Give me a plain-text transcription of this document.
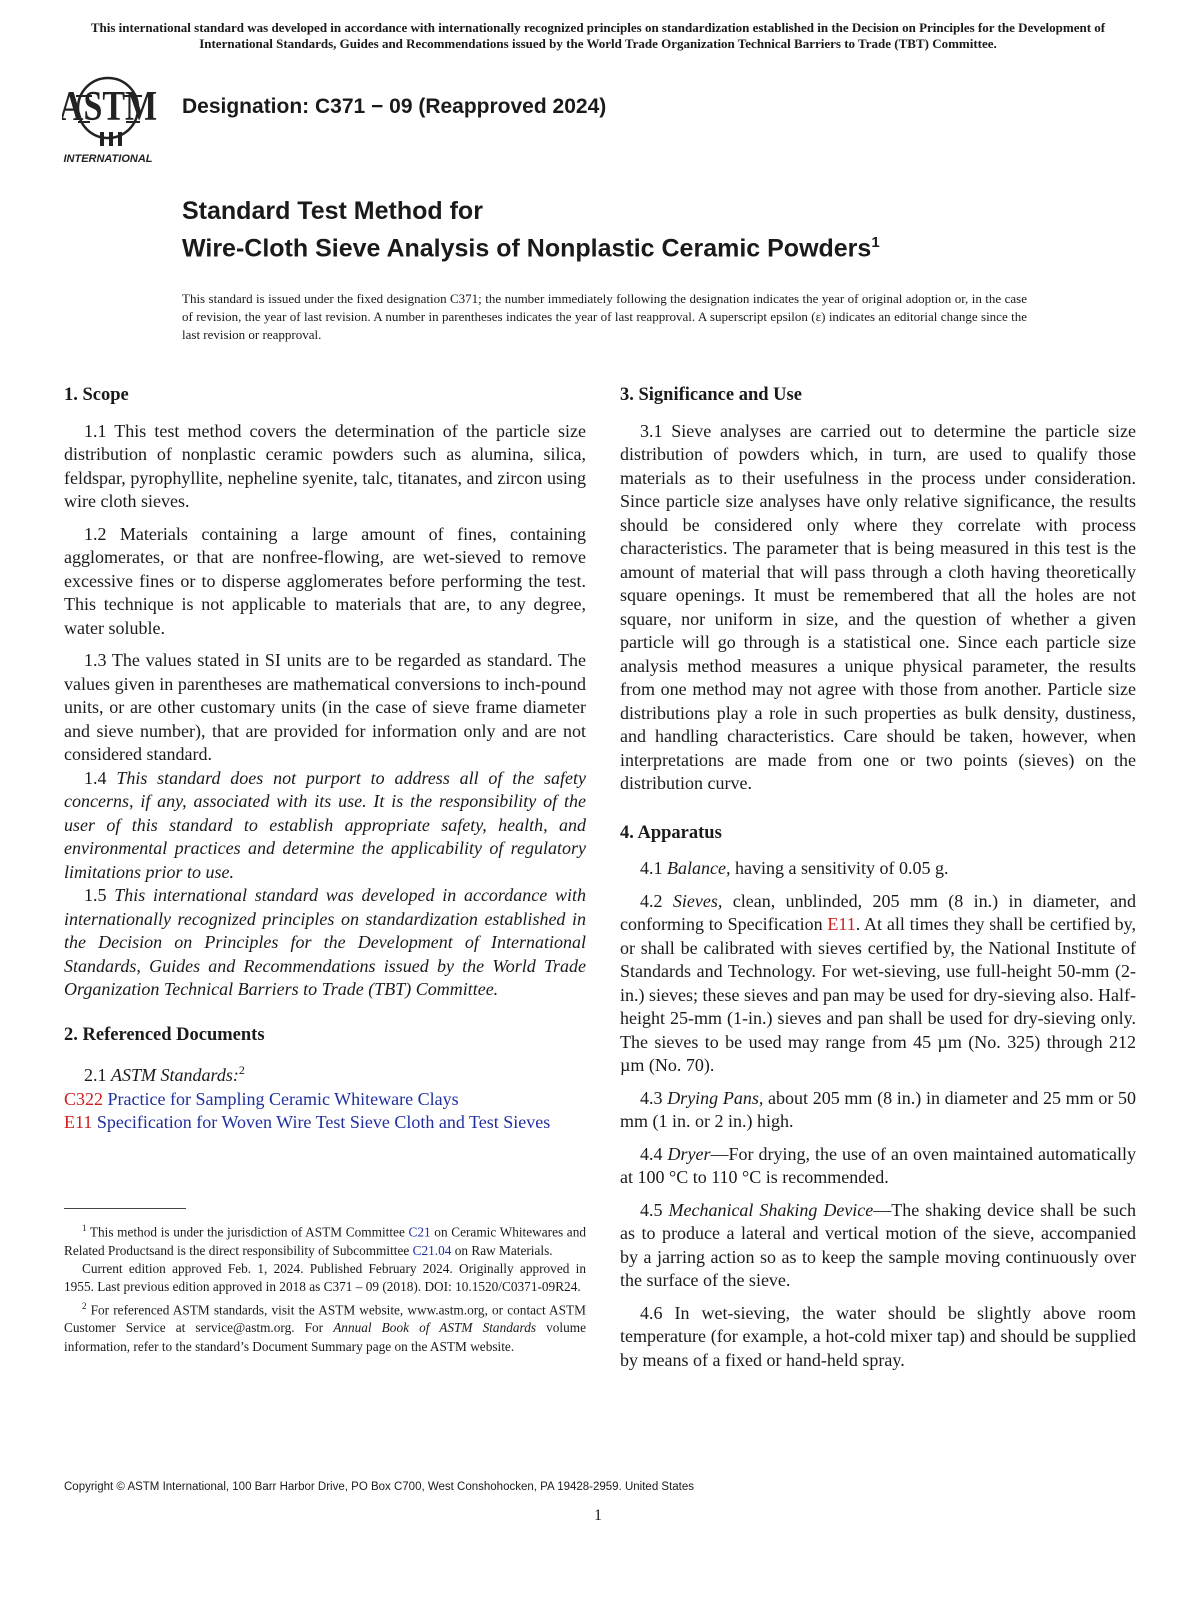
This international standard was developed in accordance with internationally recognized principles on standardization established in the Decision on Principles for the Development of International Standards, Guides and Recommendations issued by the World Trade Organization Technical Barriers to Trade (TBT) Committee.
ASTM
INTERNATIONAL
Designation: C371 − 09 (Reapproved 2024)
Standard Test Method for
Wire-Cloth Sieve Analysis of Nonplastic Ceramic Powders$^1$
This standard is issued under the fixed designation C371; the number immediately following the designation indicates the year of original adoption or, in the case of revision, the year of last revision. A number in parentheses indicates the year of last reapproval. A superscript epsilon (ε) indicates an editorial change since the last revision or reapproval.
1. Scope

1.1 This test method covers the determination of the particle size distribution of nonplastic ceramic powders such as alumina, silica, feldspar, pyrophyllite, nepheline syenite, talc, titanates, and zircon using wire cloth sieves.

1.2 Materials containing a large amount of fines, containing agglomerates, or that are nonfree-flowing, are wet-sieved to remove excessive fines or to disperse agglomerates before performing the test. This technique is not applicable to materials that are, to any degree, water soluble.

1.3 The values stated in SI units are to be regarded as standard. The values given in parentheses are mathematical conversions to inch-pound units, or are other customary units (in the case of sieve frame diameter and sieve number), that are provided for information only and are not considered standard.

1.4 This standard does not purport to address all of the safety concerns, if any, associated with its use. It is the responsibility of the user of this standard to establish appropriate safety, health, and environmental practices and determine the applicability of regulatory limitations prior to use.

1.5 This international standard was developed in accordance with internationally recognized principles on standardization established in the Decision on Principles for the Development of International Standards, Guides and Recommendations issued by the World Trade Organization Technical Barriers to Trade (TBT) Committee.

2. Referenced Documents

2.1 ASTM Standards:$^2$

C322 Practice for Sampling Ceramic Whiteware Clays

E11 Specification for Woven Wire Test Sieve Cloth and Test Sieves

$^1$ This method is under the jurisdiction of ASTM Committee C21 on Ceramic Whitewares and Related Productsand is the direct responsibility of Subcommittee C21.04 on Raw Materials.

Current edition approved Feb. 1, 2024. Published February 2024. Originally approved in 1955. Last previous edition approved in 2018 as C371 – 09 (2018). DOI: 10.1520/C0371-09R24.

$^2$ For referenced ASTM standards, visit the ASTM website, www.astm.org, or contact ASTM Customer Service at service@astm.org. For Annual Book of ASTM Standards volume information, refer to the standard’s Document Summary page on the ASTM website.

3. Significance and Use

3.1 Sieve analyses are carried out to determine the particle size distribution of powders which, in turn, are used to qualify those materials as to their usefulness in the process under consideration. Since particle size analyses have only relative significance, the results should be considered only where they correlate with process characteristics. The parameter that is being measured in this test is the amount of material that will pass through a cloth having theoretically square openings. It must be remembered that all the holes are not square, nor uniform in size, and the question of whether a given particle will go through is a statistical one. Since each particle size analysis method measures a unique physical parameter, the results from one method may not agree with those from another. Particle size distributions play a role in such properties as bulk density, dustiness, and handling characteristics. Care should be taken, however, when interpretations are made from one or two points (sieves) on the distribution curve.

4. Apparatus

4.1 Balance, having a sensitivity of 0.05 g.

4.2 Sieves, clean, unblinded, 205 mm (8 in.) in diameter, and conforming to Specification E11. At all times they shall be certified by, or shall be calibrated with sieves certified by, the National Institute of Standards and Technology. For wet-sieving, use full-height 50-mm (2-in.) sieves; these sieves and pan may be used for dry-sieving also. Half-height 25-mm (1-in.) sieves and pan shall be used for dry-sieving only. The sieves to be used may range from 45 µm (No. 325) through 212 µm (No. 70).

4.3 Drying Pans, about 205 mm (8 in.) in diameter and 25 mm or 50 mm (1 in. or 2 in.) high.

4.4 Dryer—For drying, the use of an oven maintained automatically at 100 °C to 110 °C is recommended.

4.5 Mechanical Shaking Device—The shaking device shall be such as to produce a lateral and vertical motion of the sieve, accompanied by a jarring action so as to keep the sample moving continuously over the surface of the sieve.

4.6 In wet-sieving, the water should be slightly above room temperature (for example, a hot-cold mixer tap) and should be supplied by means of a fixed or hand-held spray.

Copyright © ASTM International, 100 Barr Harbor Drive, PO Box C700, West Conshohocken, PA 19428-2959. United States
1
